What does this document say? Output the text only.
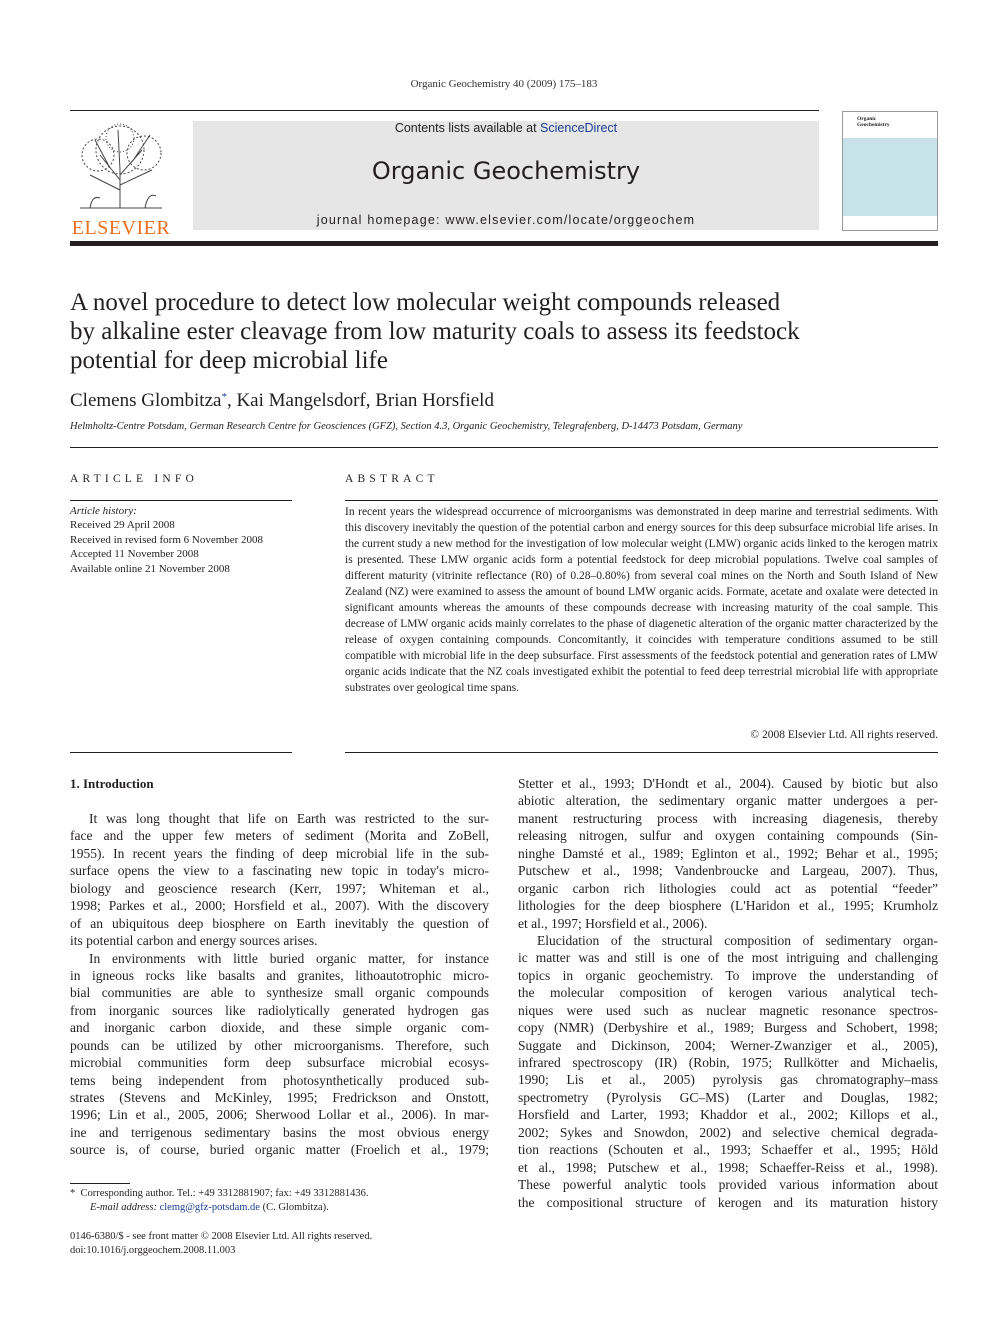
Organic Geochemistry 40 (2009) 175–183
ELSEVIER
Contents lists available at ScienceDirect
Organic Geochemistry
journal homepage: www.elsevier.com/locate/orggeochem
Organic
Geochemistry
A novel procedure to detect low molecular weight compounds released
by alkaline ester cleavage from low maturity coals to assess its feedstock
potential for deep microbial life
Clemens Glombitza*, Kai Mangelsdorf, Brian Horsfield
Helmholtz-Centre Potsdam, German Research Centre for Geosciences (GFZ), Section 4.3, Organic Geochemistry, Telegrafenberg, D-14473 Potsdam, Germany
ARTICLE INFO
Article history:
Received 29 April 2008
Received in revised form 6 November 2008
Accepted 11 November 2008
Available online 21 November 2008
ABSTRACT
In recent years the widespread occurrence of microorganisms was demonstrated in deep marine and terrestrial sediments. With this discovery inevitably the question of the potential carbon and energy sources for this deep subsurface microbial life arises. In the current study a new method for the investigation of low molecular weight (LMW) organic acids linked to the kerogen matrix is presented. These LMW organic acids form a potential feedstock for deep microbial populations. Twelve coal samples of different maturity (vitrinite reflectance (R0) of 0.28–0.80%) from several coal mines on the North and South Island of New Zealand (NZ) were examined to assess the amount of bound LMW organic acids. Formate, acetate and oxalate were detected in significant amounts whereas the amounts of these compounds decrease with increasing maturity of the coal sample. This decrease of LMW organic acids mainly correlates to the phase of diagenetic alteration of the organic matter characterized by the release of oxygen containing compounds. Concomitantly, it coincides with temperature conditions assumed to be still compatible with microbial life in the deep subsurface. First assessments of the feedstock potential and generation rates of LMW organic acids indicate that the NZ coals investigated exhibit the potential to feed deep terrestrial microbial life with appropriate substrates over geological time spans.
© 2008 Elsevier Ltd. All rights reserved.
1. Introduction
It was long thought that life on Earth was restricted to the sur-
face and the upper few meters of sediment (Morita and ZoBell,
1955). In recent years the finding of deep microbial life in the sub-
surface opens the view to a fascinating new topic in today's micro-
biology and geoscience research (Kerr, 1997; Whiteman et al.,
1998; Parkes et al., 2000; Horsfield et al., 2007). With the discovery
of an ubiquitous deep biosphere on Earth inevitably the question of
its potential carbon and energy sources arises.
In environments with little buried organic matter, for instance
in igneous rocks like basalts and granites, lithoautotrophic micro-
bial communities are able to synthesize small organic compounds
from inorganic sources like radiolytically generated hydrogen gas
and inorganic carbon dioxide, and these simple organic com-
pounds can be utilized by other microorganisms. Therefore, such
microbial communities form deep subsurface microbial ecosys-
tems being independent from photosynthetically produced sub-
strates (Stevens and McKinley, 1995; Fredrickson and Onstott,
1996; Lin et al., 2005, 2006; Sherwood Lollar et al., 2006). In mar-
ine and terrigenous sedimentary basins the most obvious energy
source is, of course, buried organic matter (Froelich et al., 1979;
Stetter et al., 1993; D'Hondt et al., 2004). Caused by biotic but also
abiotic alteration, the sedimentary organic matter undergoes a per-
manent restructuring process with increasing diagenesis, thereby
releasing nitrogen, sulfur and oxygen containing compounds (Sin-
ninghe Damsté et al., 1989; Eglinton et al., 1992; Behar et al., 1995;
Putschew et al., 1998; Vandenbroucke and Largeau, 2007). Thus,
organic carbon rich lithologies could act as potential “feeder”
lithologies for the deep biosphere (L'Haridon et al., 1995; Krumholz
et al., 1997; Horsfield et al., 2006).
Elucidation of the structural composition of sedimentary organ-
ic matter was and still is one of the most intriguing and challenging
topics in organic geochemistry. To improve the understanding of
the molecular composition of kerogen various analytical tech-
niques were used such as nuclear magnetic resonance spectros-
copy (NMR) (Derbyshire et al., 1989; Burgess and Schobert, 1998;
Suggate and Dickinson, 2004; Werner-Zwanziger et al., 2005),
infrared spectroscopy (IR) (Robin, 1975; Rullkötter and Michaelis,
1990; Lis et al., 2005) pyrolysis gas chromatography–mass
spectrometry (Pyrolysis GC–MS) (Larter and Douglas, 1982;
Horsfield and Larter, 1993; Khaddor et al., 2002; Killops et al.,
2002; Sykes and Snowdon, 2002) and selective chemical degrada-
tion reactions (Schouten et al., 1993; Schaeffer et al., 1995; Höld
et al., 1998; Putschew et al., 1998; Schaeffer-Reiss et al., 1998).
These powerful analytic tools provided various information about
the compositional structure of kerogen and its maturation history
* Corresponding author. Tel.: +49 3312881907; fax: +49 3312881436.
E-mail address: clemg@gfz-potsdam.de (C. Glombitza).
0146-6380/$ - see front matter © 2008 Elsevier Ltd. All rights reserved.
doi:10.1016/j.orggeochem.2008.11.003
